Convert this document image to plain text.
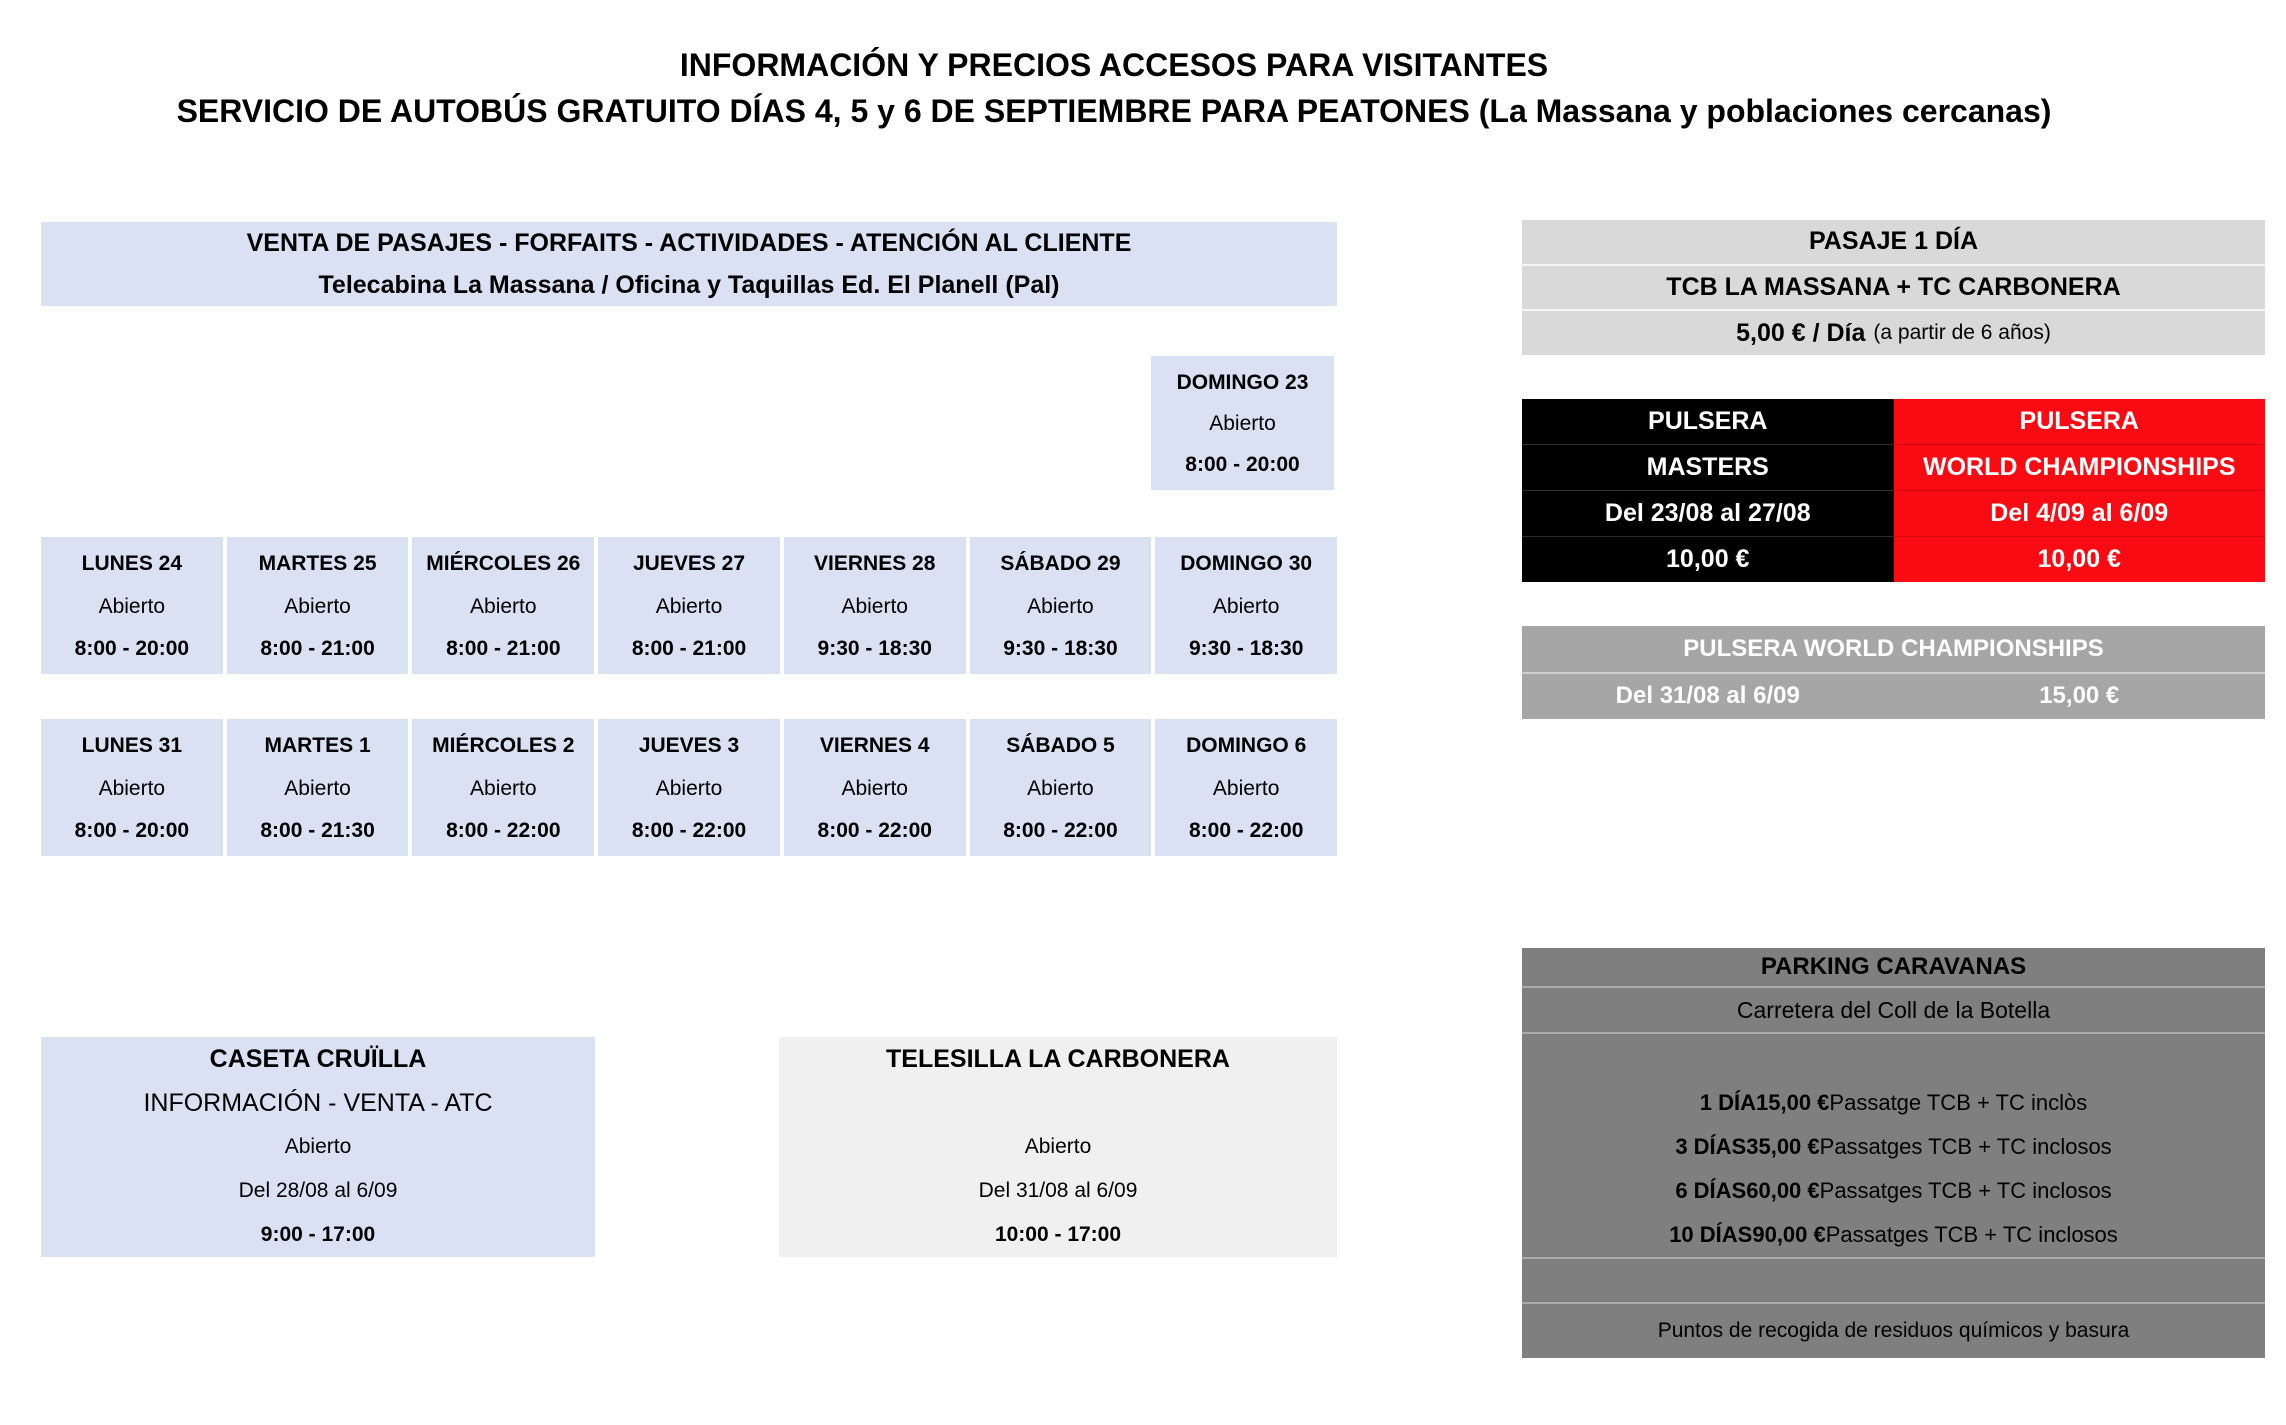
INFORMACIÓN Y PRECIOS ACCESOS PARA VISITANTES
SERVICIO DE AUTOBÚS GRATUITO DÍAS 4, 5 y 6 DE SEPTIEMBRE PARA PEATONES (La Massana y poblaciones cercanas)
VENTA DE PASAJES - FORFAITS - ACTIVIDADES - ATENCIÓN AL CLIENTE
Telecabina La Massana / Oficina y Taquillas Ed. El Planell (Pal)
DOMINGO 23
Abierto
8:00 - 20:00
LUNES 24
Abierto
8:00 - 20:00
MARTES 25
Abierto
8:00 - 21:00
MIÉRCOLES 26
Abierto
8:00 - 21:00
JUEVES 27
Abierto
8:00 - 21:00
VIERNES 28
Abierto
9:30 - 18:30
SÁBADO 29
Abierto
9:30 - 18:30
DOMINGO 30
Abierto
9:30 - 18:30
LUNES 31
Abierto
8:00 - 20:00
MARTES 1
Abierto
8:00 - 21:30
MIÉRCOLES 2
Abierto
8:00 - 22:00
JUEVES 3
Abierto
8:00 - 22:00
VIERNES 4
Abierto
8:00 - 22:00
SÁBADO 5
Abierto
8:00 - 22:00
DOMINGO 6
Abierto
8:00 - 22:00
CASETA CRUÏLLA
INFORMACIÓN - VENTA - ATC
Abierto
Del 28/08 al 6/09
9:00 - 17:00
TELESILLA LA CARBONERA
Abierto
Del 31/08 al 6/09
10:00 - 17:00
PASAJE 1 DÍA
TCB LA MASSANA + TC CARBONERA
5,00 € / Día (a partir de 6 años)
PULSERA
MASTERS
Del 23/08 al 27/08
10,00 €
PULSERA
WORLD CHAMPIONSHIPS
Del 4/09 al 6/09
10,00 €
PULSERA WORLD CHAMPIONSHIPS
Del 31/08 al 6/09	15,00 €
PARKING CARAVANAS
Carretera del Coll de la Botella
1 DÍA 15,00 € Passatge TCB + TC inclòs
3 DÍAS 35,00 € Passatges TCB + TC inclosos
6 DÍAS 60,00 € Passatges TCB + TC inclosos
10 DÍAS 90,00 € Passatges TCB + TC inclosos
Puntos de recogida de residuos químicos y basura
